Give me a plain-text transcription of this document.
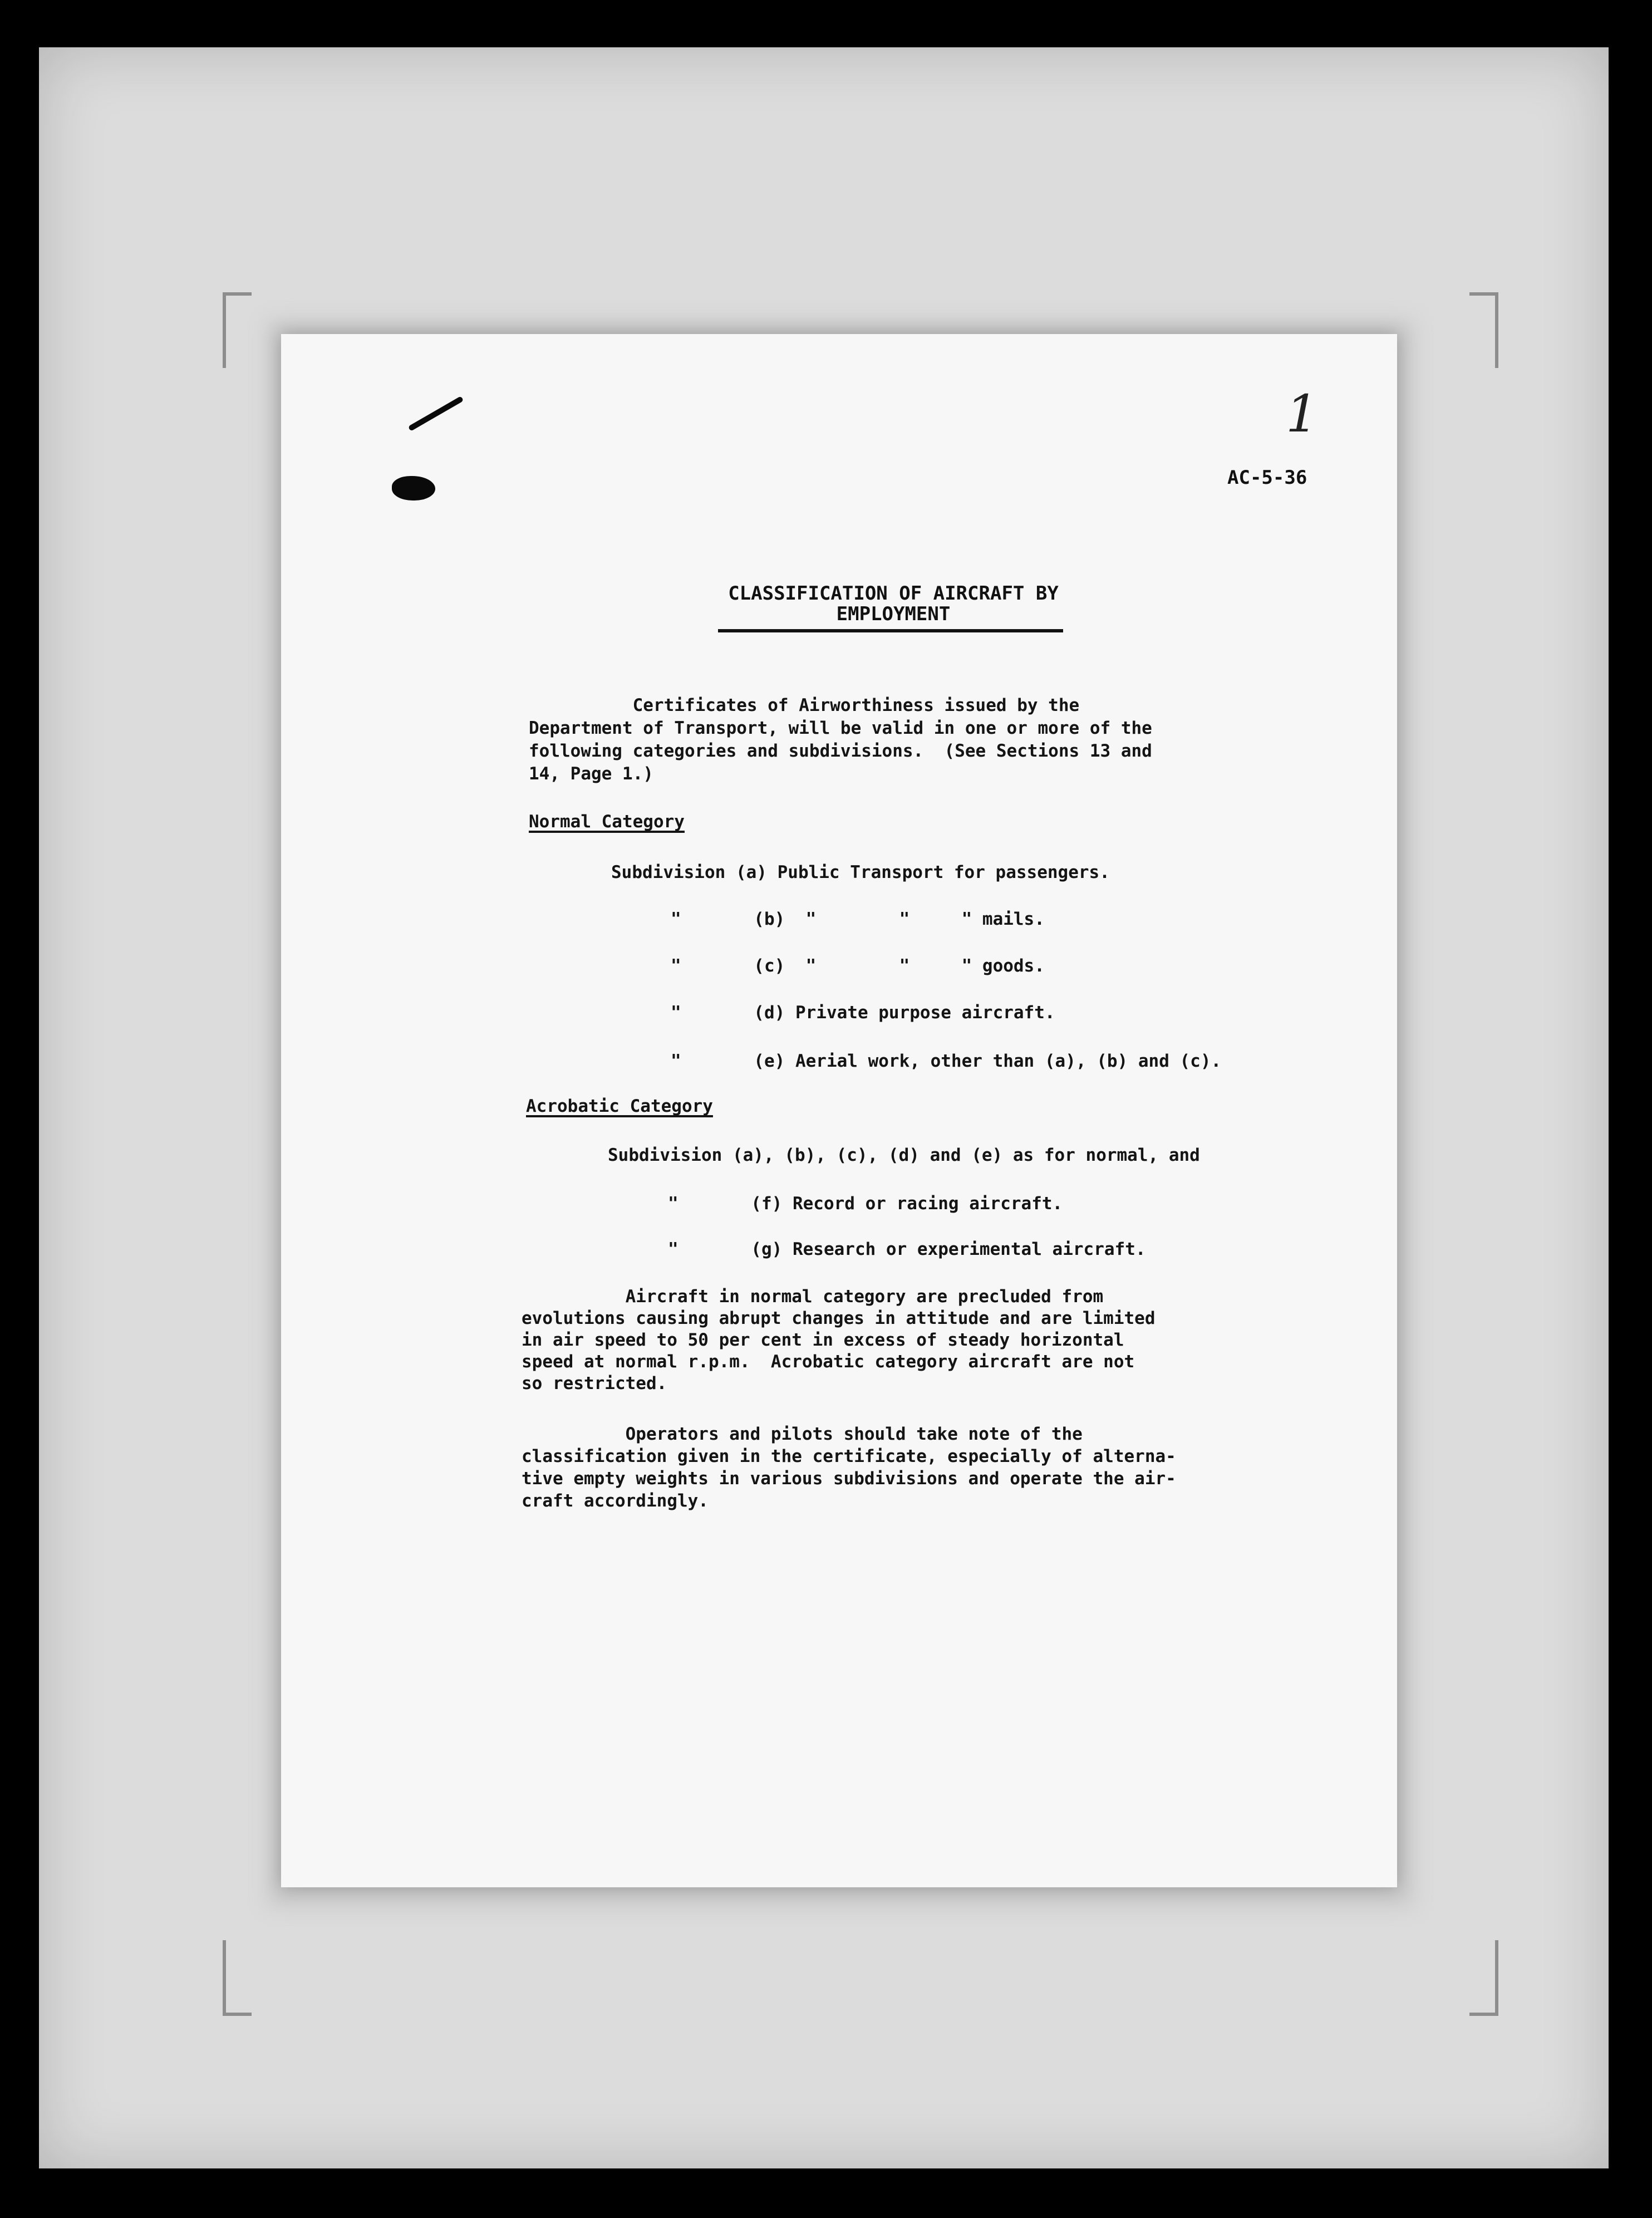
1
AC-5-36
CLASSIFICATION OF AIRCRAFT BY
EMPLOYMENT
Certificates of Airworthiness issued by the
Department of Transport, will be valid in one or more of the
following categories and subdivisions.  (See Sections 13 and
14, Page 1.)
Normal Category
Subdivision (a) Public Transport for passengers.
"       (b)  "        "     " mails.
"       (c)  "        "     " goods.
"       (d) Private purpose aircraft.
"       (e) Aerial work, other than (a), (b) and (c).
Acrobatic Category
Subdivision (a), (b), (c), (d) and (e) as for normal, and
"       (f) Record or racing aircraft.
"       (g) Research or experimental aircraft.
Aircraft in normal category are precluded from
evolutions causing abrupt changes in attitude and are limited
in air speed to 50 per cent in excess of steady horizontal
speed at normal r.p.m.  Acrobatic category aircraft are not
so restricted.
Operators and pilots should take note of the
classification given in the certificate, especially of alterna-
tive empty weights in various subdivisions and operate the air-
craft accordingly.
